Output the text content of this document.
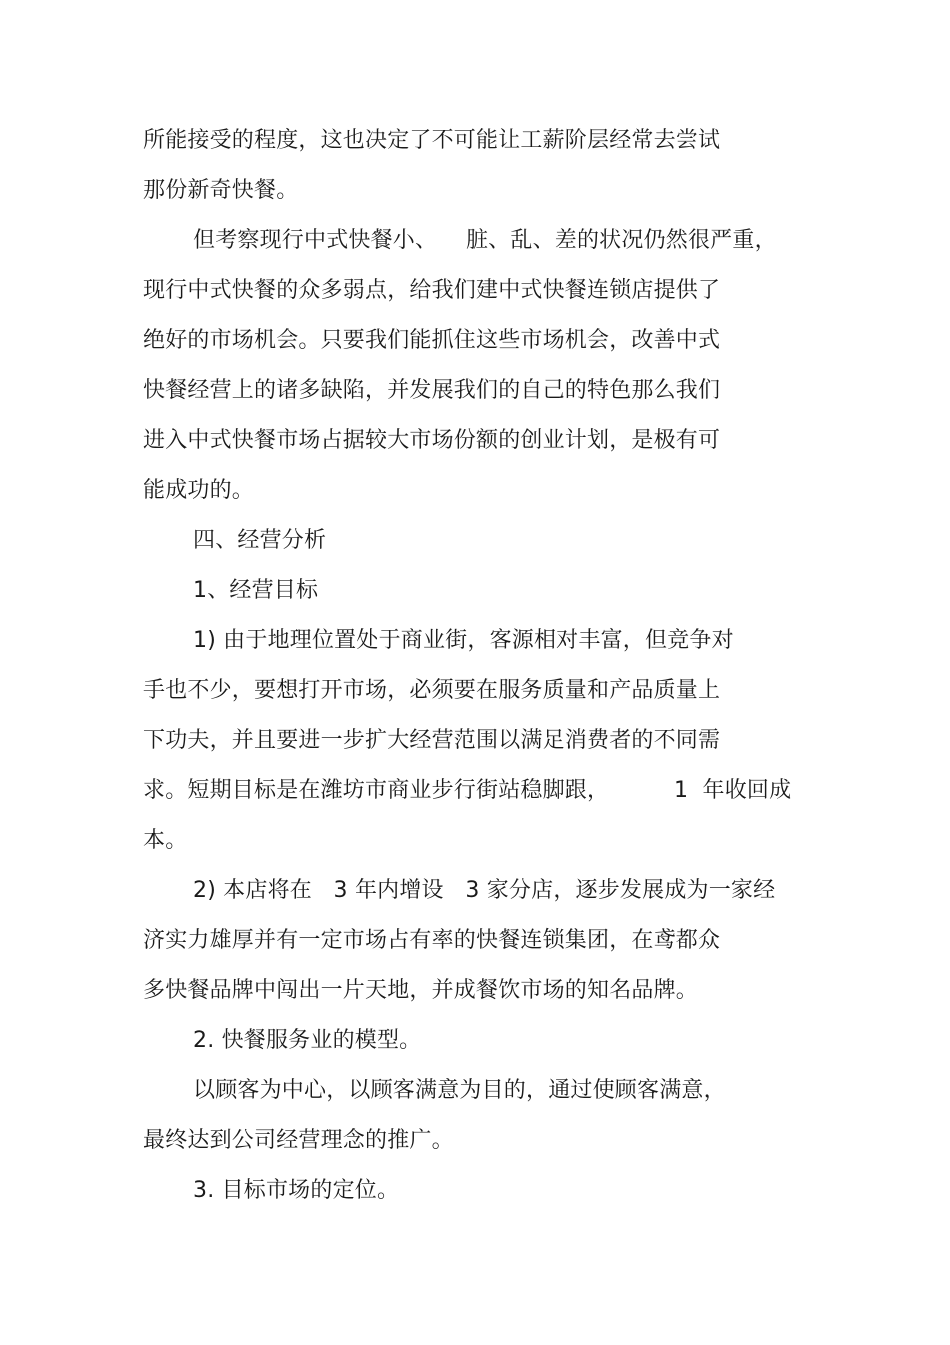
所能接受的程度，这也决定了不可能让工薪阶层经常去尝试
那份新奇快餐。
但考察现行中式快餐小、    脏、乱、差的状况仍然很严重，
现行中式快餐的众多弱点，给我们建中式快餐连锁店提供了
绝好的市场机会。只要我们能抓住这些市场机会，改善中式
快餐经营上的诸多缺陷，并发展我们的自己的特色那么我们
进入中式快餐市场占据较大市场份额的创业计划，是极有可
能成功的。
四、经营分析
1、经营目标
1) 由于地理位置处于商业街，客源相对丰富，但竞争对
手也不少，要想打开市场，必须要在服务质量和产品质量上
下功夫，并且要进一步扩大经营范围以满足消费者的不同需
求。短期目标是在潍坊市商业步行街站稳脚跟，         1  年收回成
本。
2) 本店将在   3 年内增设   3 家分店，逐步发展成为一家经
济实力雄厚并有一定市场占有率的快餐连锁集团，在鸢都众
多快餐品牌中闯出一片天地，并成餐饮市场的知名品牌。
2. 快餐服务业的模型。
以顾客为中心，以顾客满意为目的，通过使顾客满意，
最终达到公司经营理念的推广。
3. 目标市场的定位。
